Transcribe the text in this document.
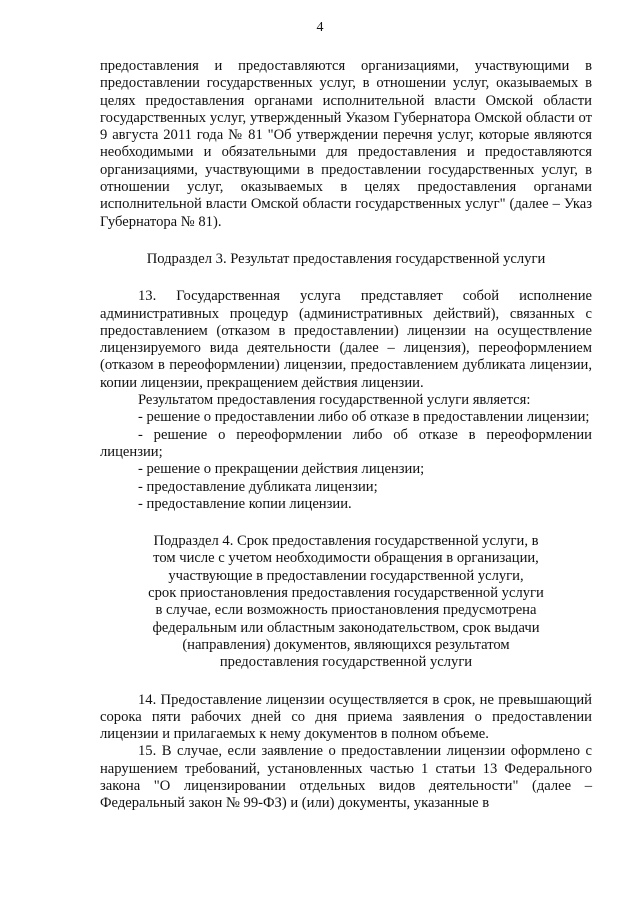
4

предоставления и предоставляются организациями, участвующими в предоставлении государственных услуг, в отношении услуг, оказываемых в целях предоставления органами исполнительной власти Омской области государственных услуг, утвержденный Указом Губернатора Омской области от 9 августа 2011 года № 81 "Об утверждении перечня услуг, которые являются необходимыми и обязательными для предоставления и предоставляются организациями, участвующими в предоставлении государственных услуг, в отношении услуг, оказываемых в целях предоставления органами исполнительной власти Омской области государственных услуг" (далее – Указ Губернатора № 81).

Подраздел 3. Результат предоставления государственной услуги

13. Государственная услуга представляет собой исполнение административных процедур (административных действий), связанных с предоставлением (отказом в предоставлении) лицензии на осуществление лицензируемого вида деятельности (далее – лицензия), переоформлением (отказом в переоформлении) лицензии, предоставлением дубликата лицензии, копии лицензии, прекращением действия лицензии.

Результатом предоставления государственной услуги является:

- решение о предоставлении либо об отказе в предоставлении лицензии;

- решение о переоформлении либо об отказе в переоформлении лицензии;

- решение о прекращении действия лицензии;

- предоставление дубликата лицензии;

- предоставление копии лицензии.

Подраздел 4. Срок предоставления государственной услуги, в
том числе с учетом необходимости обращения в организации,
участвующие в предоставлении государственной услуги,
срок приостановления предоставления государственной услуги
в случае, если возможность приостановления предусмотрена
федеральным или областным законодательством, срок выдачи
(направления) документов, являющихся результатом
предоставления государственной услуги

14. Предоставление лицензии осуществляется в срок, не превышающий сорока пяти рабочих дней со дня приема заявления о предоставлении лицензии и прилагаемых к нему документов в полном объеме.

15. В случае, если заявление о предоставлении лицензии оформлено с нарушением требований, установленных частью 1 статьи 13 Федерального закона "О лицензировании отдельных видов деятельности" (далее – Федеральный закон № 99-ФЗ) и (или) документы, указанные в
